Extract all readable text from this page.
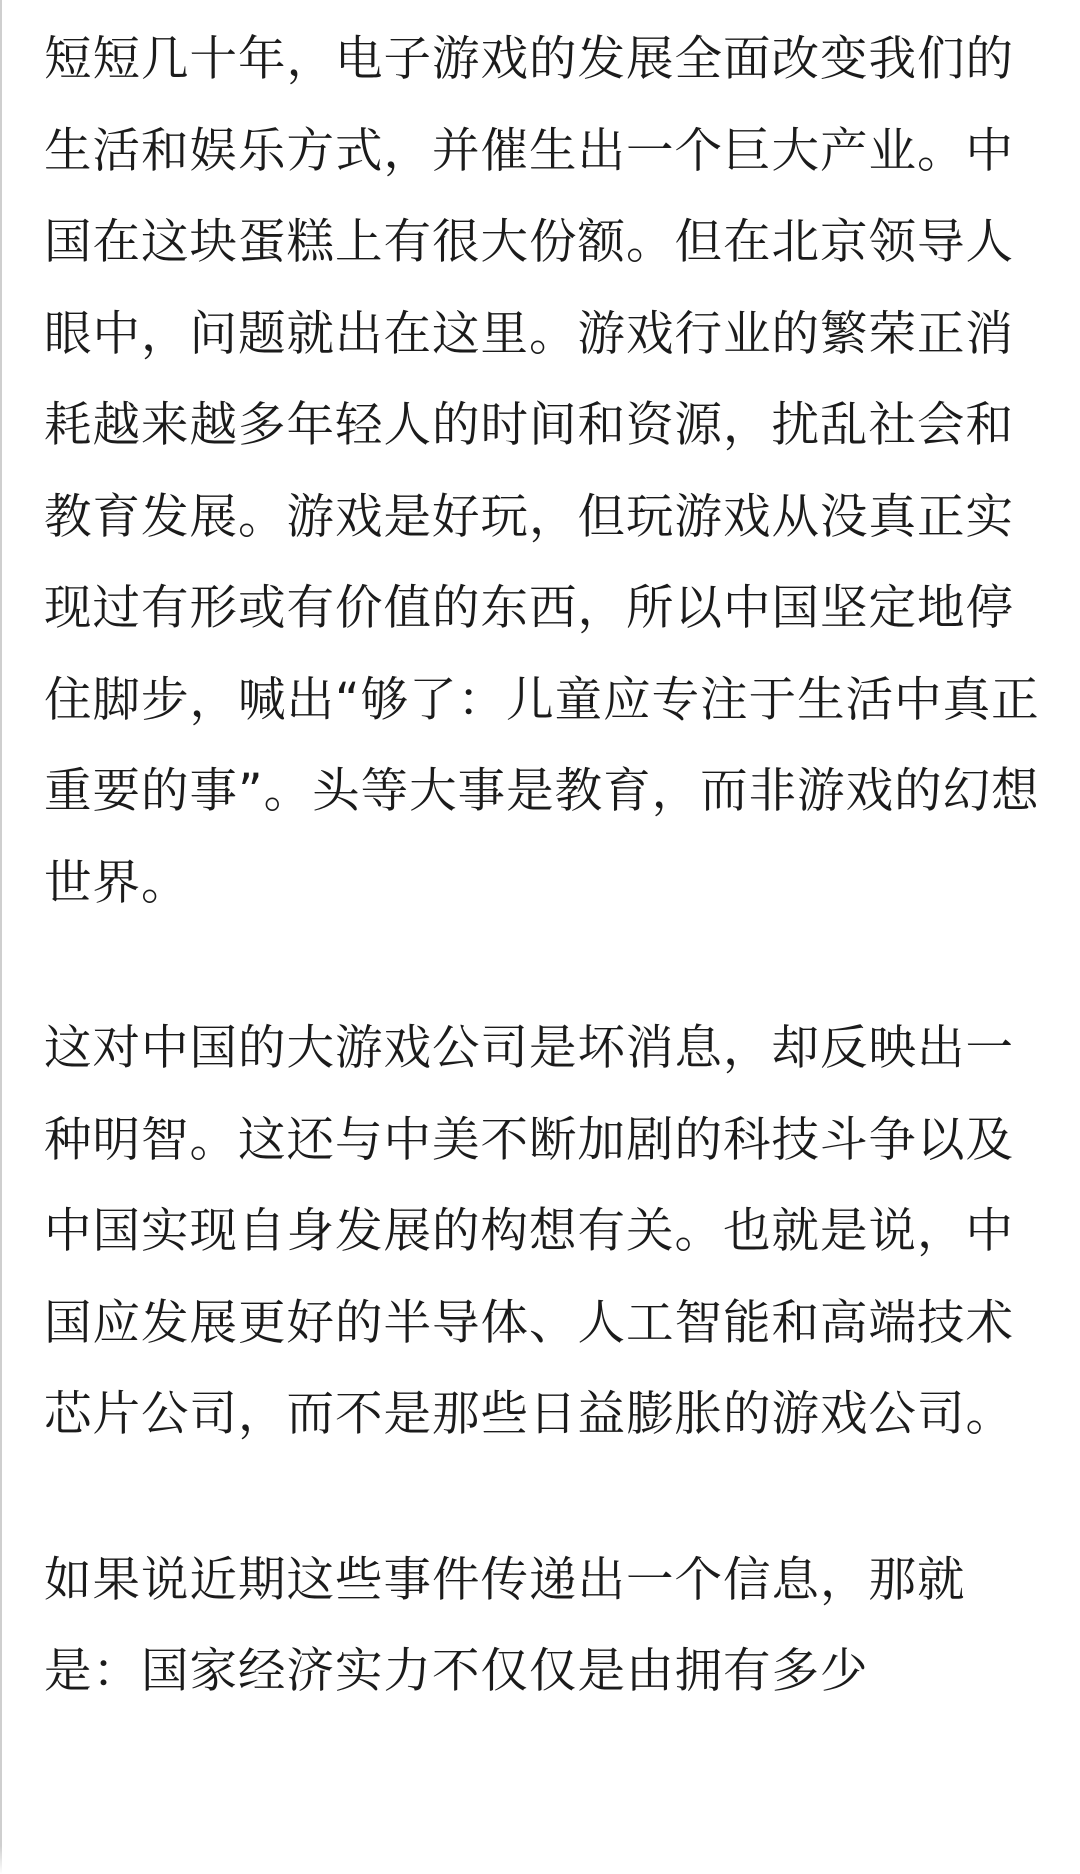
短短几十年，电子游戏的发展全面改变我们的生活和娱乐方式，并催生出一个巨大产业。中国在这块蛋糕上有很大份额。但在北京领导人眼中，问题就出在这里。游戏行业的繁荣正消耗越来越多年轻人的时间和资源，扰乱社会和教育发展。游戏是好玩，但玩游戏从没真正实现过有形或有价值的东西，所以中国坚定地停住脚步，喊出“够了：儿童应专注于生活中真正重要的事”。头等大事是教育，而非游戏的幻想世界。

这对中国的大游戏公司是坏消息，却反映出一种明智。这还与中美不断加剧的科技斗争以及中国实现自身发展的构想有关。也就是说，中国应发展更好的半导体、人工智能和高端技术芯片公司，而不是那些日益膨胀的游戏公司。

如果说近期这些事件传递出一个信息，那就是：国家经济实力不仅仅是由拥有多少
